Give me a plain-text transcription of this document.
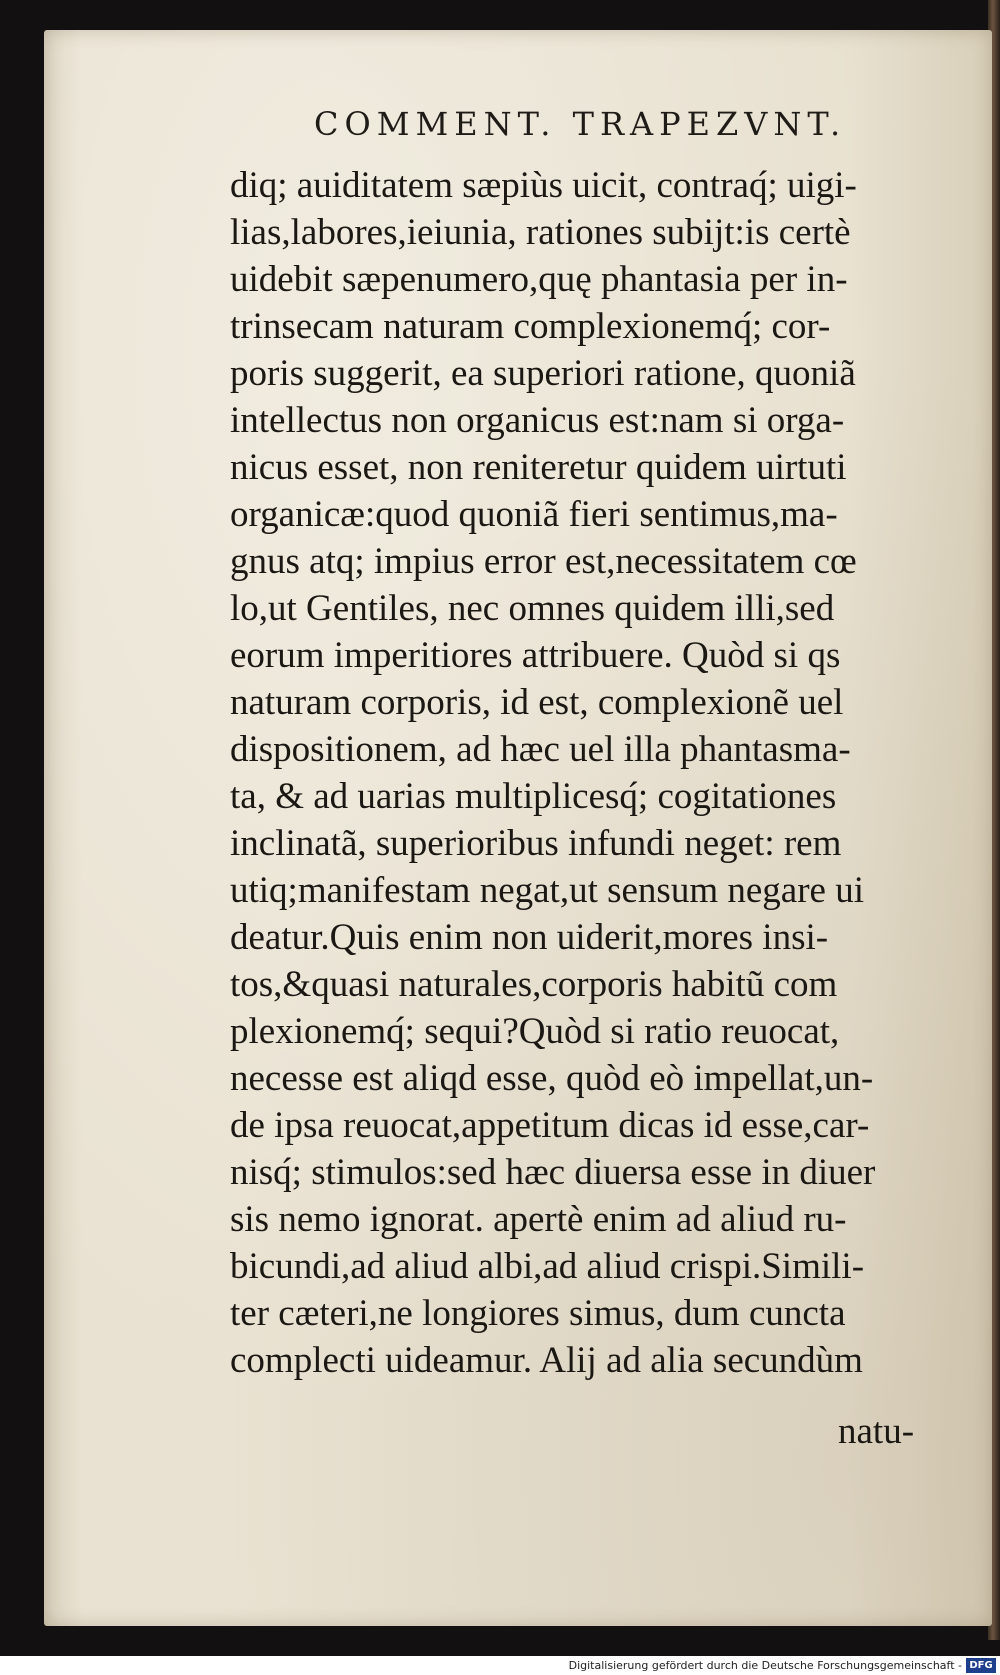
COMMENT. TRAPEZVNT.
diq; auiditatem sæpiùs uicit, contraq́; uigi-
lias,labores,ieiunia, rationes subijt:is certè
uidebit sæpenumero,quę phantasia per in-
trinsecam naturam complexionemq́; cor-
poris suggerit, ea superiori ratione, quoniã
intellectus non organicus est:nam si orga-
nicus esset, non reniteretur quidem uirtuti
organicæ:quod quoniã fieri sentimus,ma-
gnus atq; impius error est,necessitatem cœ
lo,ut Gentiles, nec omnes quidem illi,sed
eorum imperitiores attribuere. Quòd si qs
naturam corporis, id est, complexionẽ uel
dispositionem, ad hæc uel illa phantasma-
ta, & ad uarias multiplicesq́; cogitationes
inclinatã, superioribus infundi neget: rem
utiq;manifestam negat,ut sensum negare ui
deatur.Quis enim non uiderit,mores insi-
tos,&quasi naturales,corporis habitũ com
plexionemq́; sequi?Quòd si ratio reuocat,
necesse est aliqd esse, quòd eò impellat,un-
de ipsa reuocat,appetitum dicas id esse,car-
nisq́; stimulos:sed hæc diuersa esse in diuer
sis nemo ignorat. apertè enim ad aliud ru-
bicundi,ad aliud albi,ad aliud crispi.Simili-
ter cæteri,ne longiores simus, dum cuncta
complecti uideamur. Alij ad alia secundùm
natu-
Digitalisierung gefördert durch die Deutsche Forschungsgemeinschaft - DFG
